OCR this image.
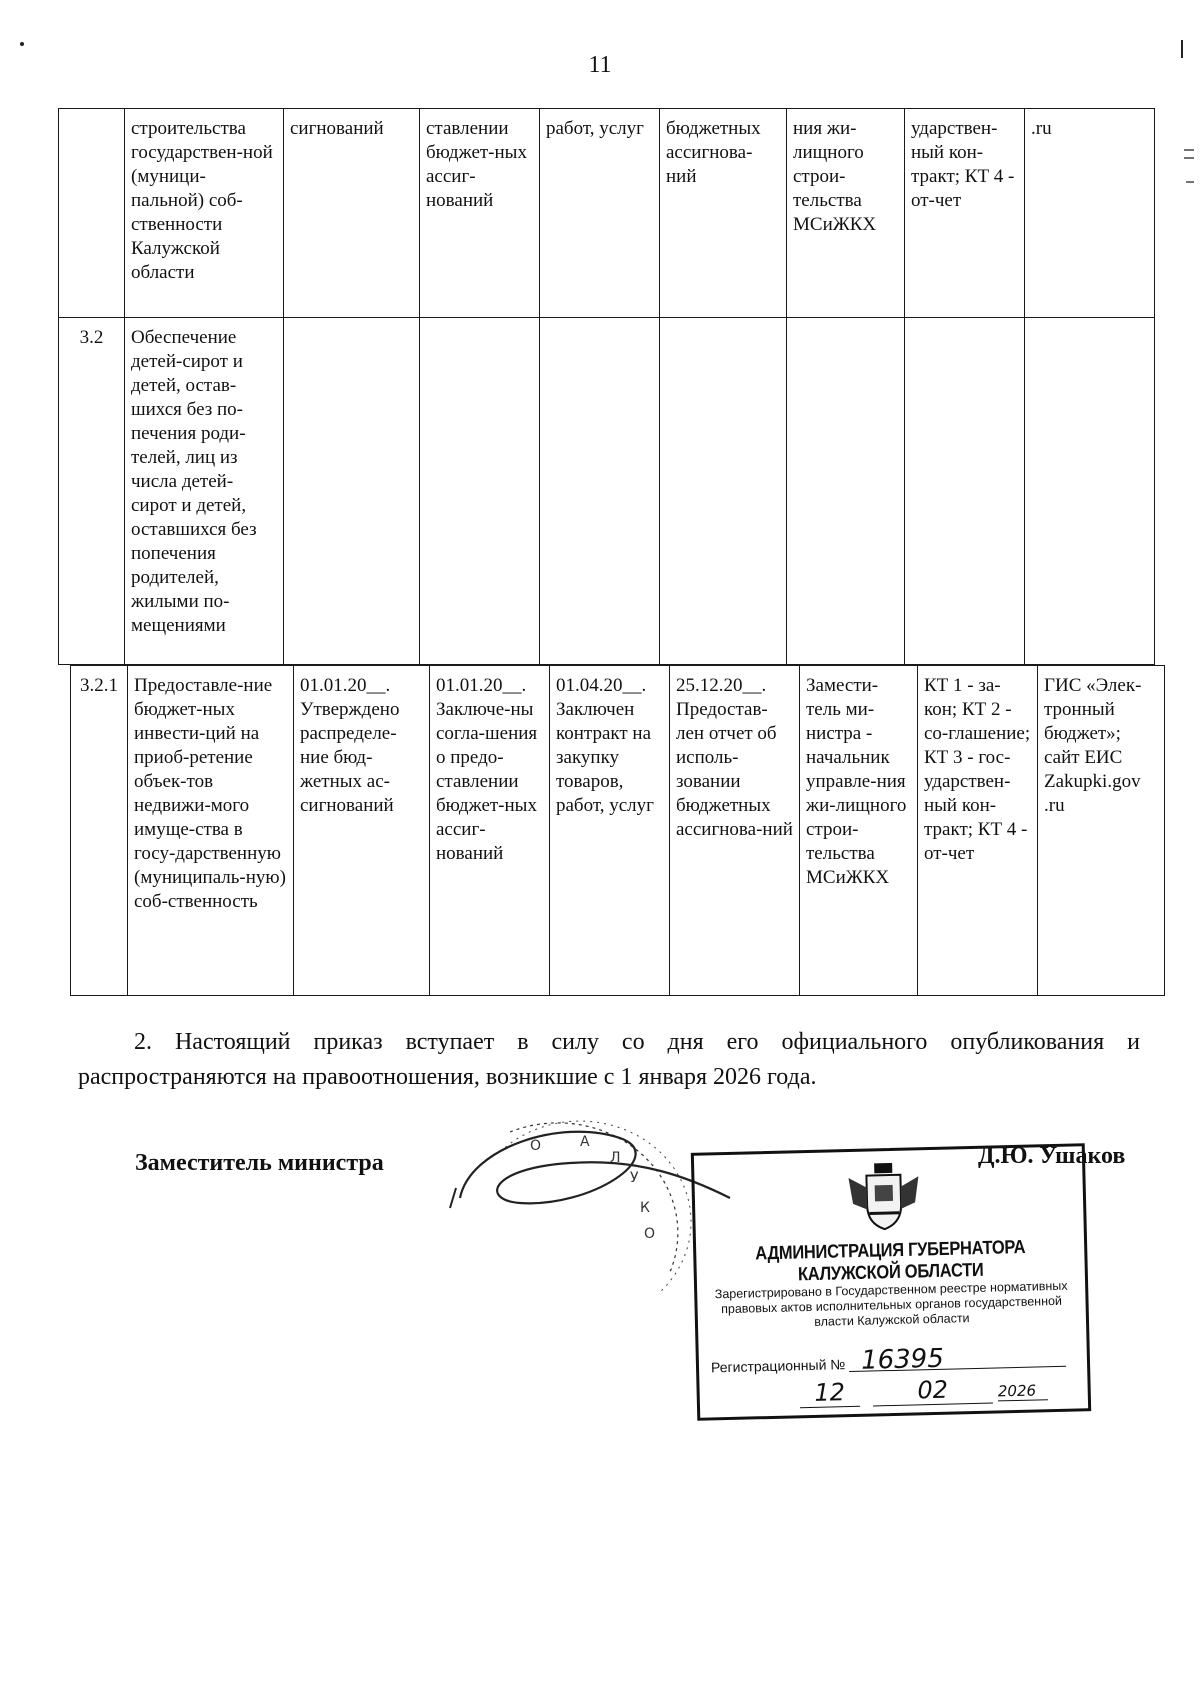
11
	строительства государствен-ной (муници-пальной) соб-ственности Калужской области	сигнований	ставлении бюджет-ных ассиг-нований	работ, услуг	бюджетных ассигнова-ний	ния жи-лищного строи-тельства МСиЖКХ	ударствен-ный кон-тракт; КТ 4 - от-чет	.ru
3.2	Обеспечение детей-сирот и детей, остав-шихся без по-печения роди-телей, лиц из числа детей-сирот и детей, оставшихся без попечения родителей, жилыми по-мещениями							
3.2.1	Предоставле-ние бюджет-ных инвести-ций на приоб-ретение объек-тов недвижи-мого имуще-ства в госу-дарственную (муниципаль-ную) соб-ственность	01.01.20__. Утверждено распределе-ние бюд-жетных ас-сигнований	01.01.20__. Заключе-ны согла-шения о предо-ставлении бюджет-ных ассиг-нований	01.04.20__. Заключен контракт на закупку товаров, работ, услуг	25.12.20__. Предостав-лен отчет об исполь-зовании бюджетных ассигнова-ний	Замести-тель ми-нистра - начальник управле-ния жи-лищного строи-тельства МСиЖКХ	КТ 1 - за-кон; КТ 2 - со-глашение; КТ 3 - гос-ударствен-ный кон-тракт; КТ 4 - от-чет	ГИС «Элек-тронный бюджет»; сайт ЕИС Zakupki.gov .ru
2. Настоящий приказ вступает в силу со дня его официального опубликования и распространяются на правоотношения, возникшие с 1 января 2026 года.
Заместитель министра
О	АЛ УК О
АДМИНИСТРАЦИЯ ГУБЕРНАТОРА КАЛУЖСКОЙ ОБЛАСТИ
Зарегистрировано в Государственном реестре нормативных правовых актов исполнительных органов государственной власти Калужской области
Регистрационный № 16395
12	02	2026
Д.Ю. Ушаков
